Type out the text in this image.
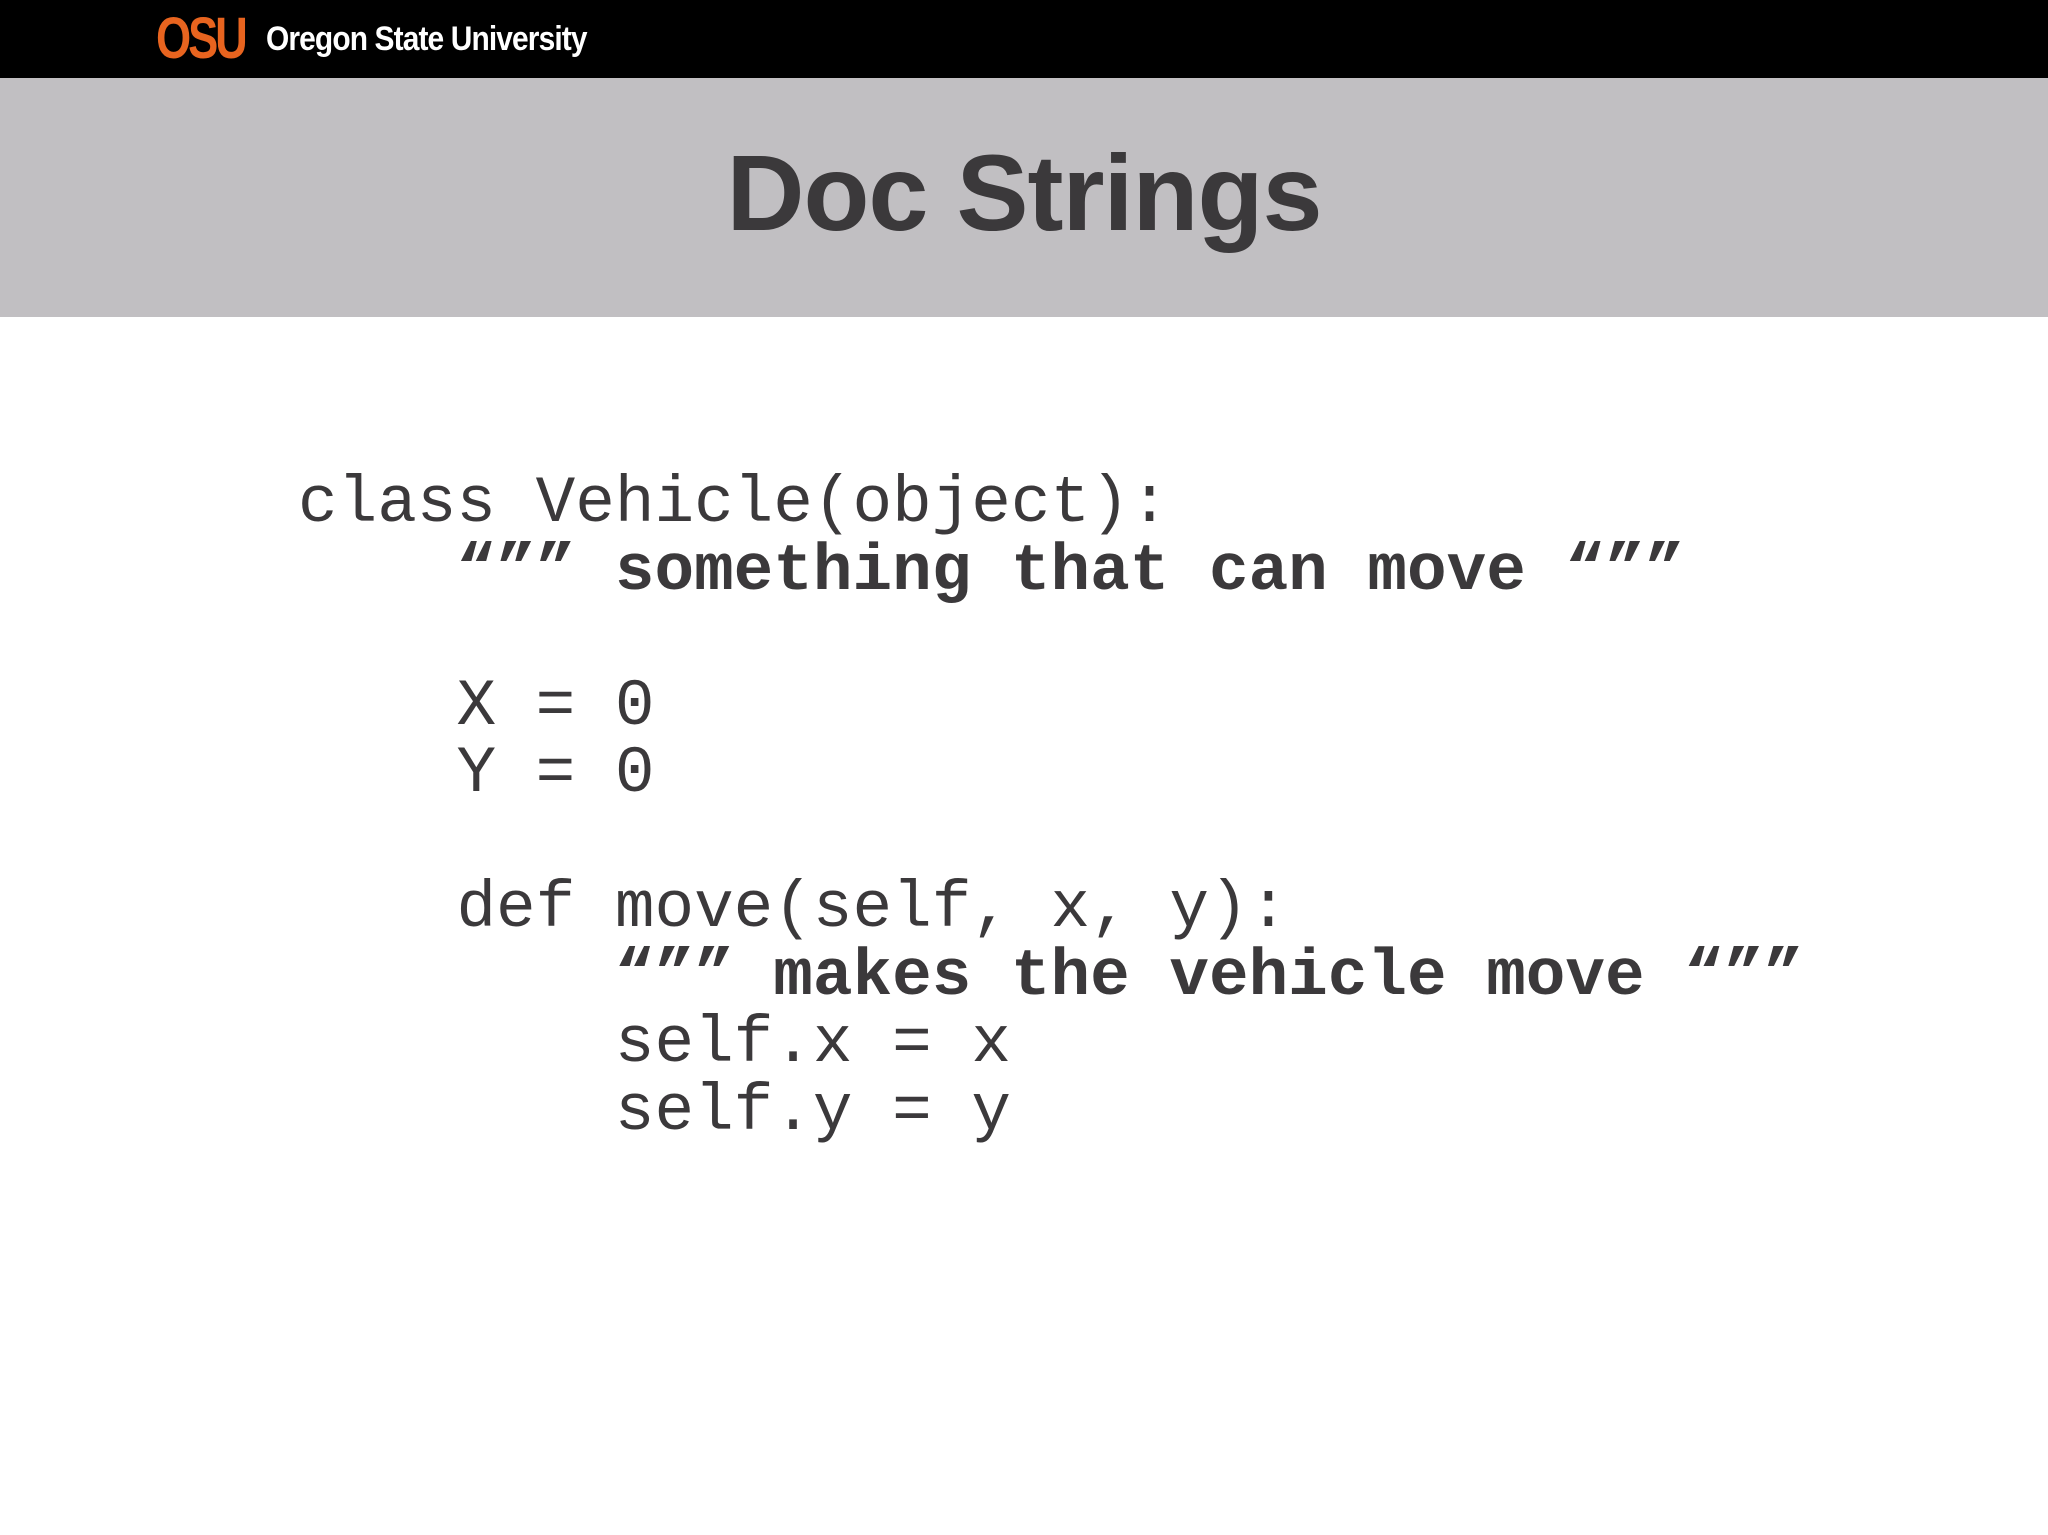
OSU Oregon State University
Doc Strings
class Vehicle(object):
“”” something that can move “””
X = 0
Y = 0
def move(self, x, y):
“”” makes the vehicle move “””
self.x = x
self.y = y
